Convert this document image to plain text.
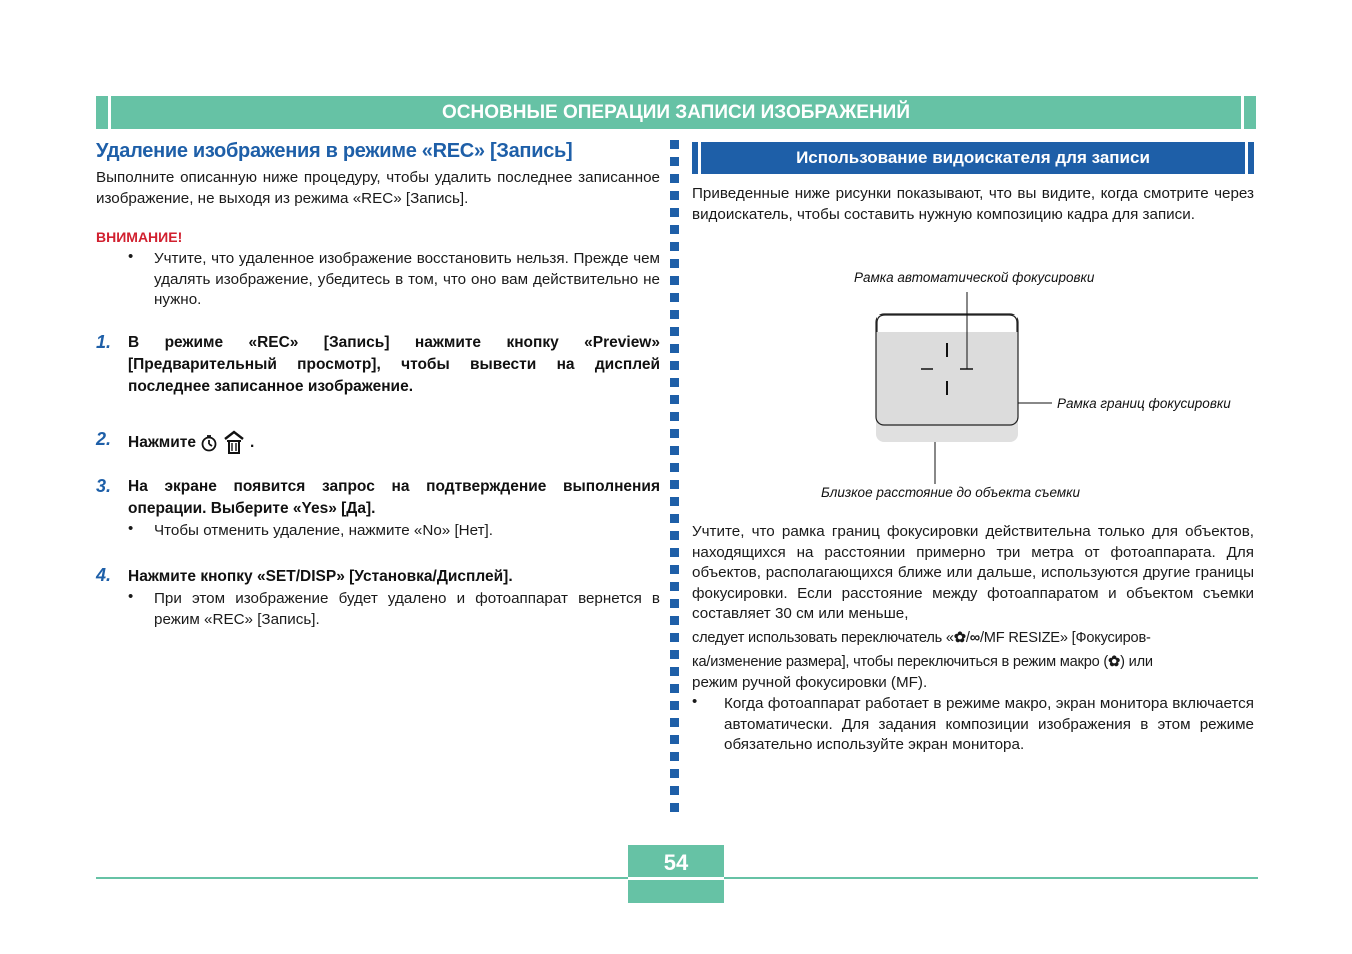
ОСНОВНЫЕ ОПЕРАЦИИ ЗАПИСИ ИЗОБРАЖЕНИЙ
Удаление изображения в режиме «REC» [Запись]
Выполните описанную ниже процедуру, чтобы удалить последнее записанное изображение, не выходя из режима «REC» [Запись].
ВНИМАНИЕ!
• Учтите, что удаленное изображение восстановить нельзя. Прежде чем удалять изображение, убедитесь в том, что оно вам действительно не нужно.
1. В режиме «REC» [Запись] нажмите кнопку «Preview» [Предварительный просмотр], чтобы вывести на дисплей последнее записанное изображение.
2. Нажмите	.
3. На экране появится запрос на подтверждение выполнения операции. Выберите «Yes» [Да].
• Чтобы отменить удаление, нажмите «No» [Нет].
4. Нажмите кнопку «SET/DISP» [Установка/Дисплей].
• При этом изображение будет удалено и фотоаппарат вернется в режим «REC» [Запись].
Использование видоискателя для записи
Приведенные ниже рисунки показывают, что вы видите, когда смотрите через видоискатель, чтобы составить нужную композицию кадра для записи.
Рамка автоматической фокусировки
Рамка границ фокусировки
Близкое расстояние до объекта съемки
Учтите, что рамка границ фокусировки действительна только для объектов, находящихся на расстоянии примерно три метра от фотоаппарата. Для объектов, располагающихся ближе или дальше, используются другие границы фокусировки. Если расстояние между фотоаппаратом и объектом съемки составляет 30 см или меньше,
следует использовать переключатель «✿/∞/MF RESIZE» [Фокусиров-
ка/изменение размера], чтобы переключиться в режим макро (✿) или
режим ручной фокусировки (MF).
• Когда фотоаппарат работает в режиме макро, экран монитора включается автоматически. Для задания композиции изображения в этом режиме обязательно используйте экран монитора.
54
